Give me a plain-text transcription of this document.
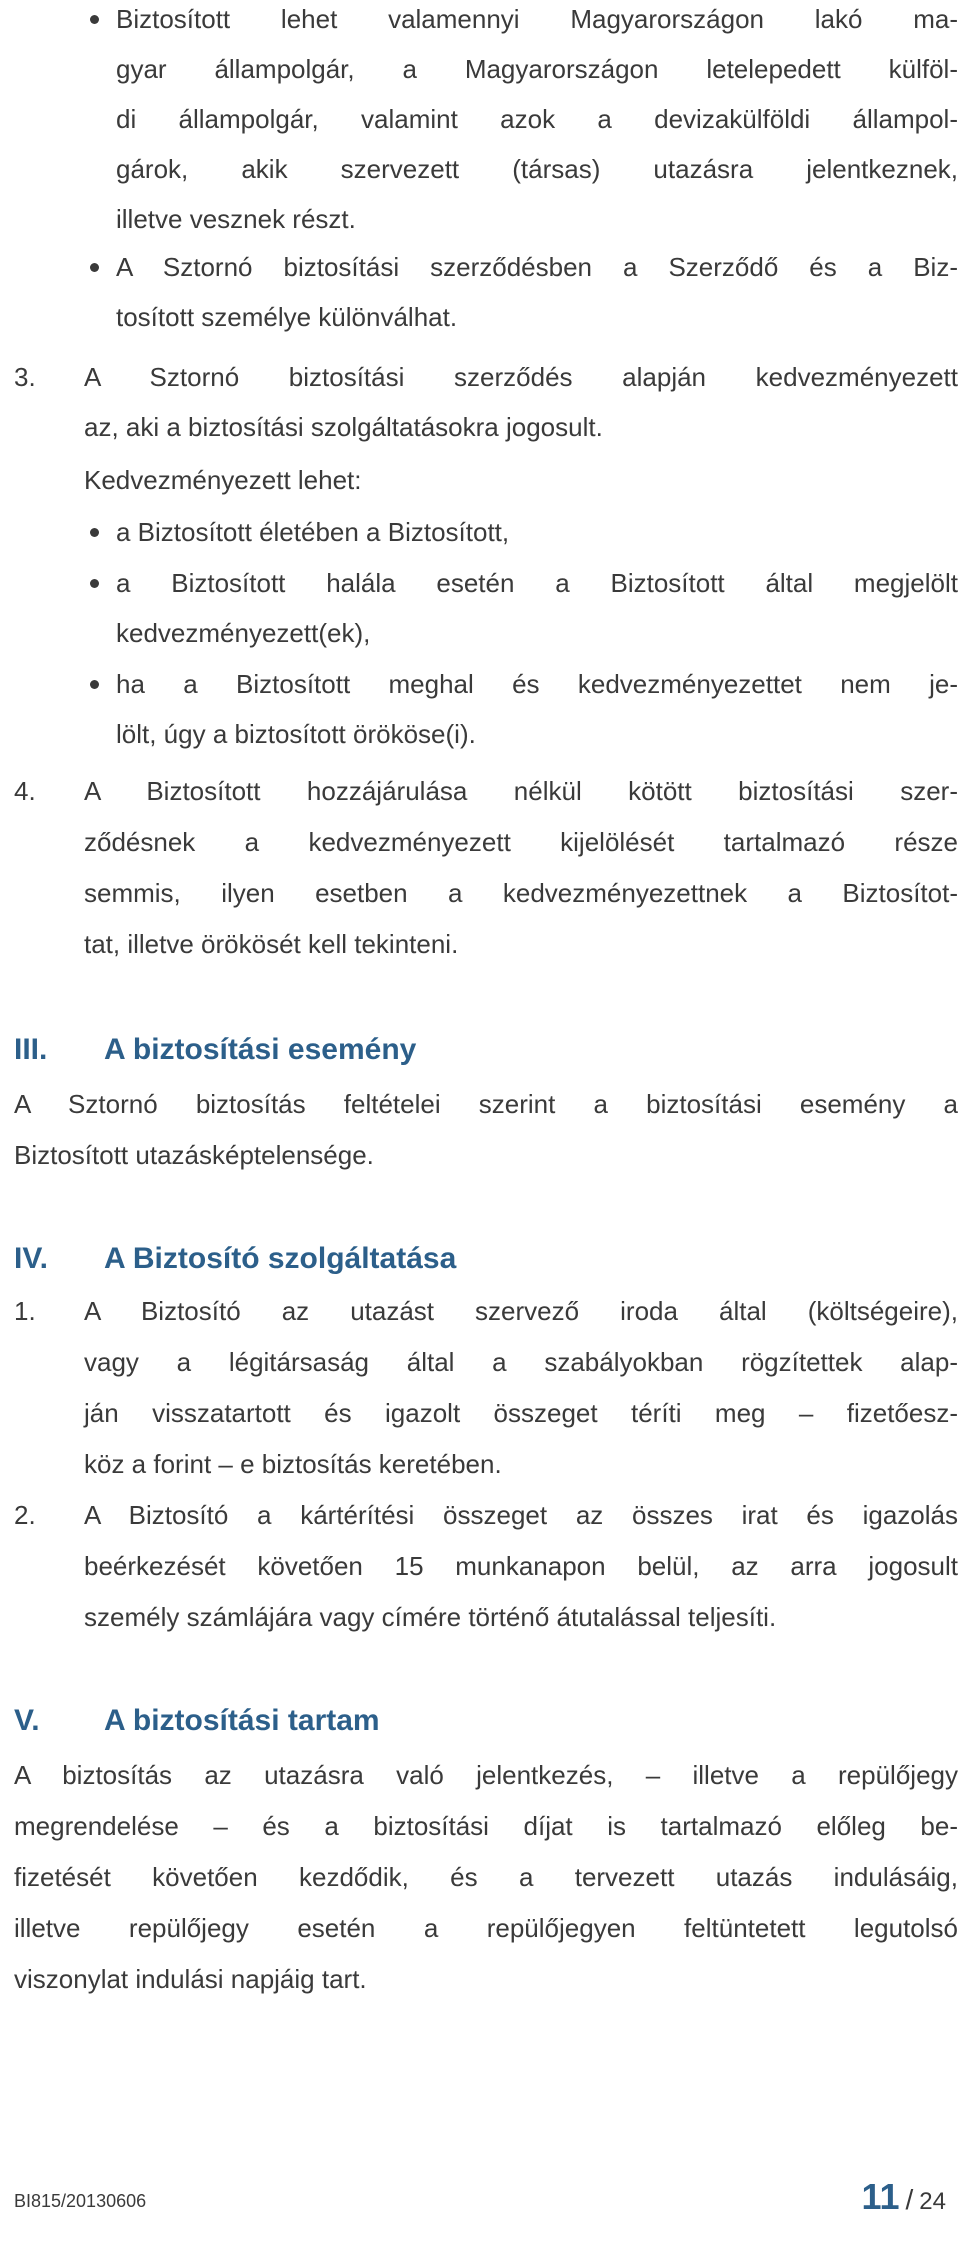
Biztosított lehet valamennyi Magyarországon lakó ma-
gyar állampolgár, a Magyarországon letelepedett külföl-
di állampolgár, valamint azok a devizakülföldi állampol-
gárok, akik szervezett (társas) utazásra jelentkeznek,
illetve vesznek részt.
A Sztornó biztosítási szerződésben a Szerződő és a Biz-
tosított személye különválhat.
3. A Sztornó biztosítási szerződés alapján kedvezményezett
az, aki a biztosítási szolgáltatásokra jogosult.
Kedvezményezett lehet:
a Biztosított életében a Biztosított,
a Biztosított halála esetén a Biztosított által megjelölt
kedvezményezett(ek),
ha a Biztosított meghal és kedvezményezettet nem je-
lölt, úgy a biztosított örököse(i).
4. A Biztosított hozzájárulása nélkül kötött biztosítási szer-
ződésnek a kedvezményezett kijelölését tartalmazó része
semmis, ilyen esetben a kedvezményezettnek a Biztosítot-
tat, illetve örökösét kell tekinteni.
III. A biztosítási esemény
A Sztornó biztosítás feltételei szerint a biztosítási esemény a
Biztosított utazásképtelensége.
IV. A Biztosító szolgáltatása
1. A Biztosító az utazást szervező iroda által (költségeire),
vagy a légitársaság által a szabályokban rögzítettek alap-
ján visszatartott és igazolt összeget téríti meg – fizetőesz-
köz a forint – e biztosítás keretében.
2. A Biztosító a kártérítési összeget az összes irat és igazolás
beérkezését követően 15 munkanapon belül, az arra jogosult
személy számlájára vagy címére történő átutalással teljesíti.
V. A biztosítási tartam
A biztosítás az utazásra való jelentkezés, – illetve a repülőjegy
megrendelése – és a biztosítási díjat is tartalmazó előleg be-
fizetését követően kezdődik, és a tervezett utazás indulásáig,
illetve repülőjegy esetén a repülőjegyen feltüntetett legutolsó
viszonylat indulási napjáig tart.
BI815/20130606	11 / 24
